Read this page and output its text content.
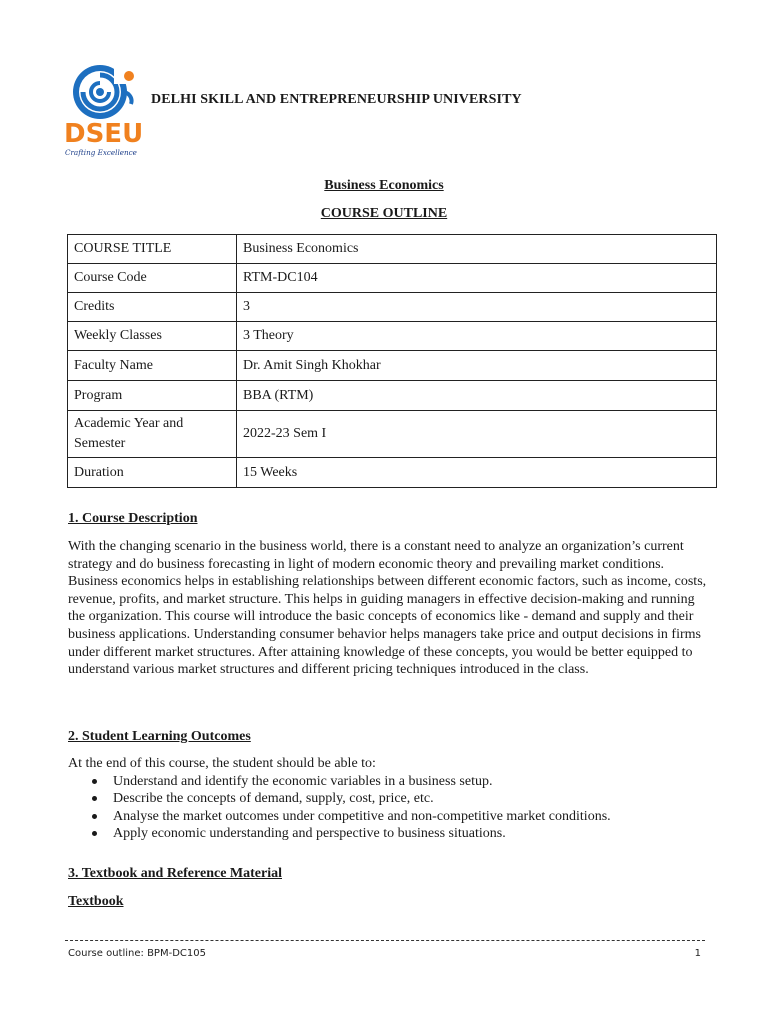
DSEU
Crafting Excellence
DELHI SKILL AND ENTREPRENEURSHIP UNIVERSITY
Business Economics
COURSE OUTLINE
COURSE TITLE	Business Economics
Course Code	RTM-DC104
Credits	3
Weekly Classes	3 Theory
Faculty Name	Dr. Amit Singh Khokhar
Program	BBA (RTM)
Academic Year and Semester	2022-23 Sem I
Duration	15 Weeks
1. Course Description
With the changing scenario in the business world, there is a constant need to analyze an organization’s current strategy and do business forecasting in light of modern economic theory and prevailing market conditions. Business economics helps in establishing relationships between different economic factors, such as income, costs, revenue, profits, and market structure. This helps in guiding managers in effective decision-making and running the organization. This course will introduce the basic concepts of economics like - demand and supply and their business applications. Understanding consumer behavior helps managers take price and output decisions in firms under different market structures. After attaining knowledge of these concepts, you would be better equipped to understand various market structures and different pricing techniques introduced in the class.
2. Student Learning Outcomes
At the end of this course, the student should be able to:
Understand and identify the economic variables in a business setup.
Describe the concepts of demand, supply, cost, price, etc.
Analyse the market outcomes under competitive and non-competitive market conditions.
Apply economic understanding and perspective to business situations.
3. Textbook and Reference Material
Textbook
Course outline: BPM-DC105	1
